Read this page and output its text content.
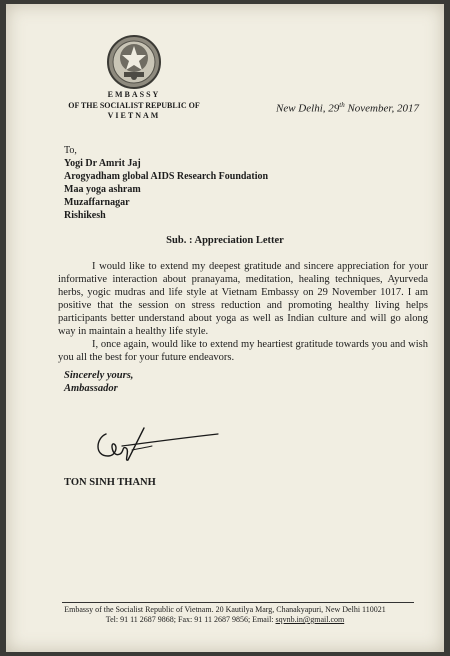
EMBASSY
OF THE SOCIALIST REPUBLIC OF
VIETNAM
New Delhi, 29th November, 2017
To,
Yogi Dr Amrit Jaj
Arogyadham global AIDS Research Foundation
Maa yoga ashram
Muzaffarnagar
Rishikesh
Sub. : Appreciation Letter

I would like to extend my deepest gratitude and sincere appreciation for your informative interaction about pranayama, meditation, healing techniques, Ayurveda herbs, yogic mudras and life style at Vietnam Embassy on 29 November 1017. I am positive that the session on stress reduction and promoting healthy living helps participants better understand about yoga as well as Indian culture and will go along way in maintain a healthy life style.

I, once again, would like to extend my heartiest gratitude towards you and wish you all the best for your future endeavors.

Sincerely yours,
Ambassador
TON SINH THANH
Embassy of the Socialist Republic of Vietnam. 20 Kautilya Marg, Chanakyapuri, New Delhi 110021
Tel: 91 11 2687 9868; Fax: 91 11 2687 9856; Email: sqvnb.in@gmail.com
